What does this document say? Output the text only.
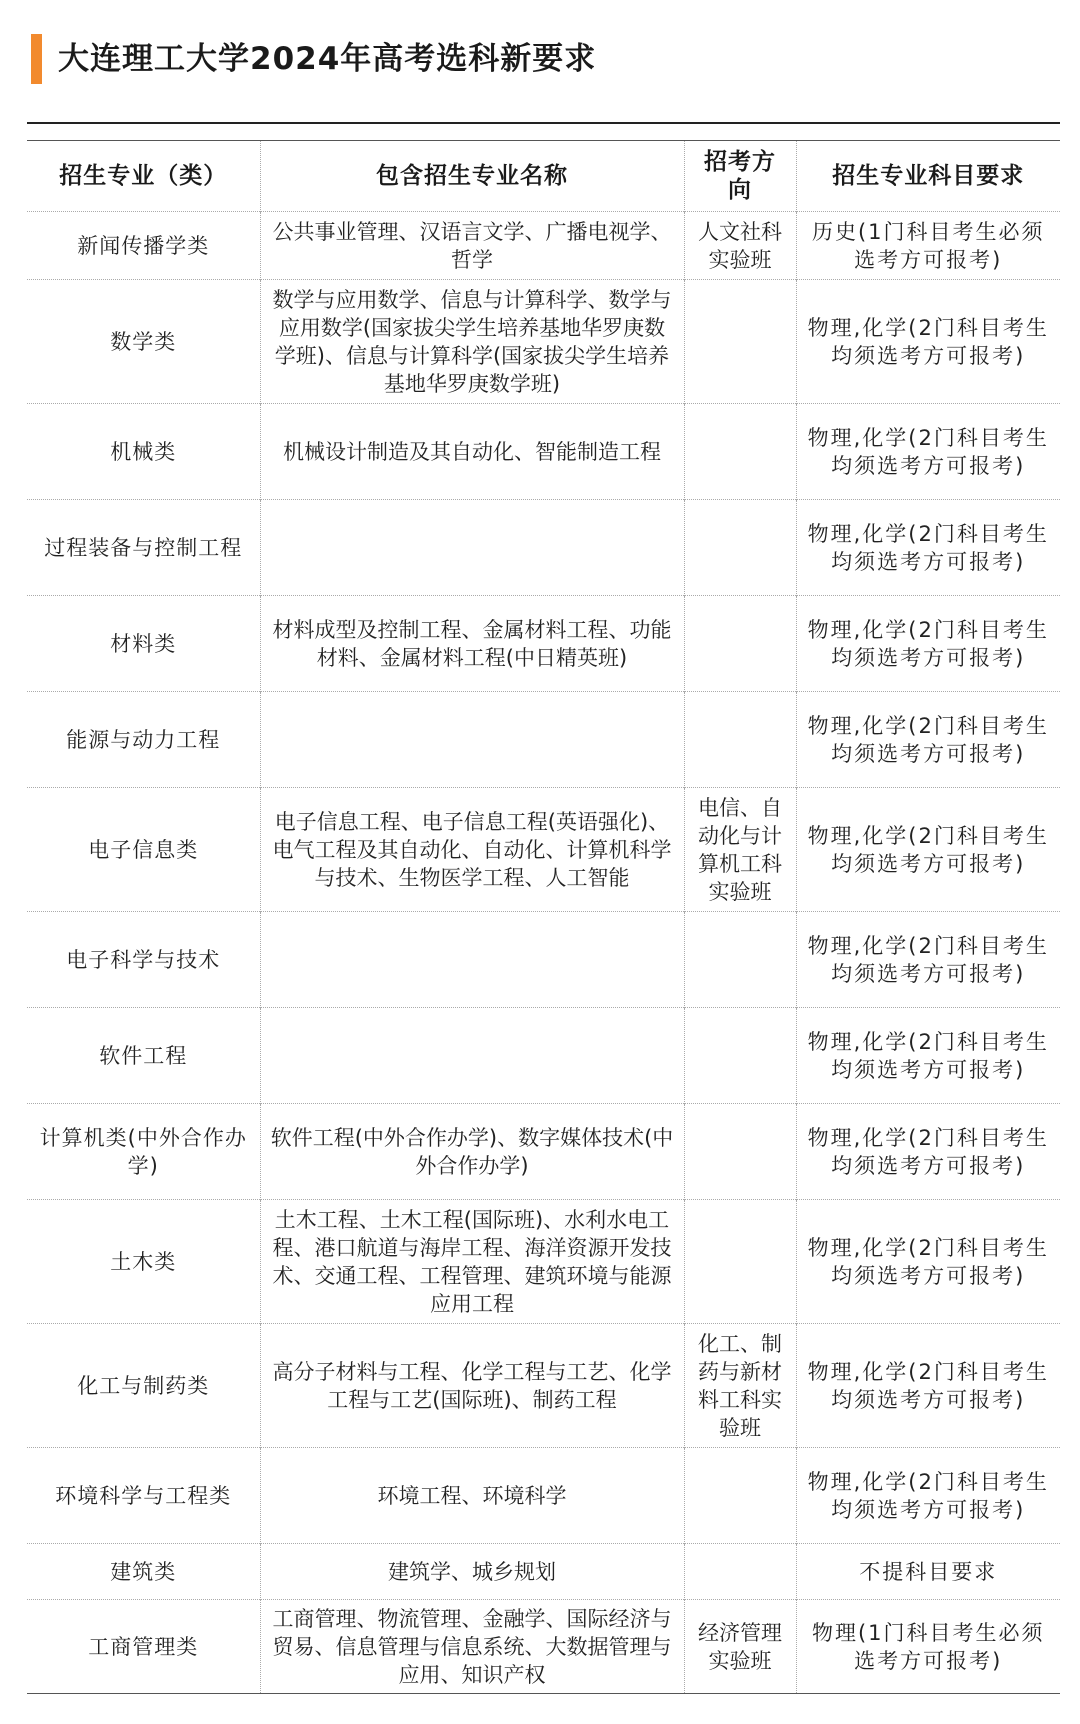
大连理工大学2024年高考选科新要求
招生专业（类）	包含招生专业名称	招考方向	招生专业科目要求
新闻传播学类	公共事业管理、汉语言文学、广播电视学、哲学	人文社科实验班	历史(1门科目考生必须选考方可报考)
数学类	数学与应用数学、信息与计算科学、数学与应用数学(国家拔尖学生培养基地华罗庚数学班)、信息与计算科学(国家拔尖学生培养基地华罗庚数学班)		物理,化学(2门科目考生均须选考方可报考)
机械类	机械设计制造及其自动化、智能制造工程		物理,化学(2门科目考生均须选考方可报考)
过程装备与控制工程			物理,化学(2门科目考生均须选考方可报考)
材料类	材料成型及控制工程、金属材料工程、功能材料、金属材料工程(中日精英班)		物理,化学(2门科目考生均须选考方可报考)
能源与动力工程			物理,化学(2门科目考生均须选考方可报考)
电子信息类	电子信息工程、电子信息工程(英语强化)、电气工程及其自动化、自动化、计算机科学与技术、生物医学工程、人工智能	电信、自动化与计算机工科实验班	物理,化学(2门科目考生均须选考方可报考)
电子科学与技术			物理,化学(2门科目考生均须选考方可报考)
软件工程			物理,化学(2门科目考生均须选考方可报考)
计算机类(中外合作办学)	软件工程(中外合作办学)、数字媒体技术(中外合作办学)		物理,化学(2门科目考生均须选考方可报考)
土木类	土木工程、土木工程(国际班)、水利水电工程、港口航道与海岸工程、海洋资源开发技术、交通工程、工程管理、建筑环境与能源应用工程		物理,化学(2门科目考生均须选考方可报考)
化工与制药类	高分子材料与工程、化学工程与工艺、化学工程与工艺(国际班)、制药工程	化工、制药与新材料工科实验班	物理,化学(2门科目考生均须选考方可报考)
环境科学与工程类	环境工程、环境科学		物理,化学(2门科目考生均须选考方可报考)
建筑类	建筑学、城乡规划		不提科目要求
工商管理类	工商管理、物流管理、金融学、国际经济与贸易、信息管理与信息系统、大数据管理与应用、知识产权	经济管理实验班	物理(1门科目考生必须选考方可报考)
